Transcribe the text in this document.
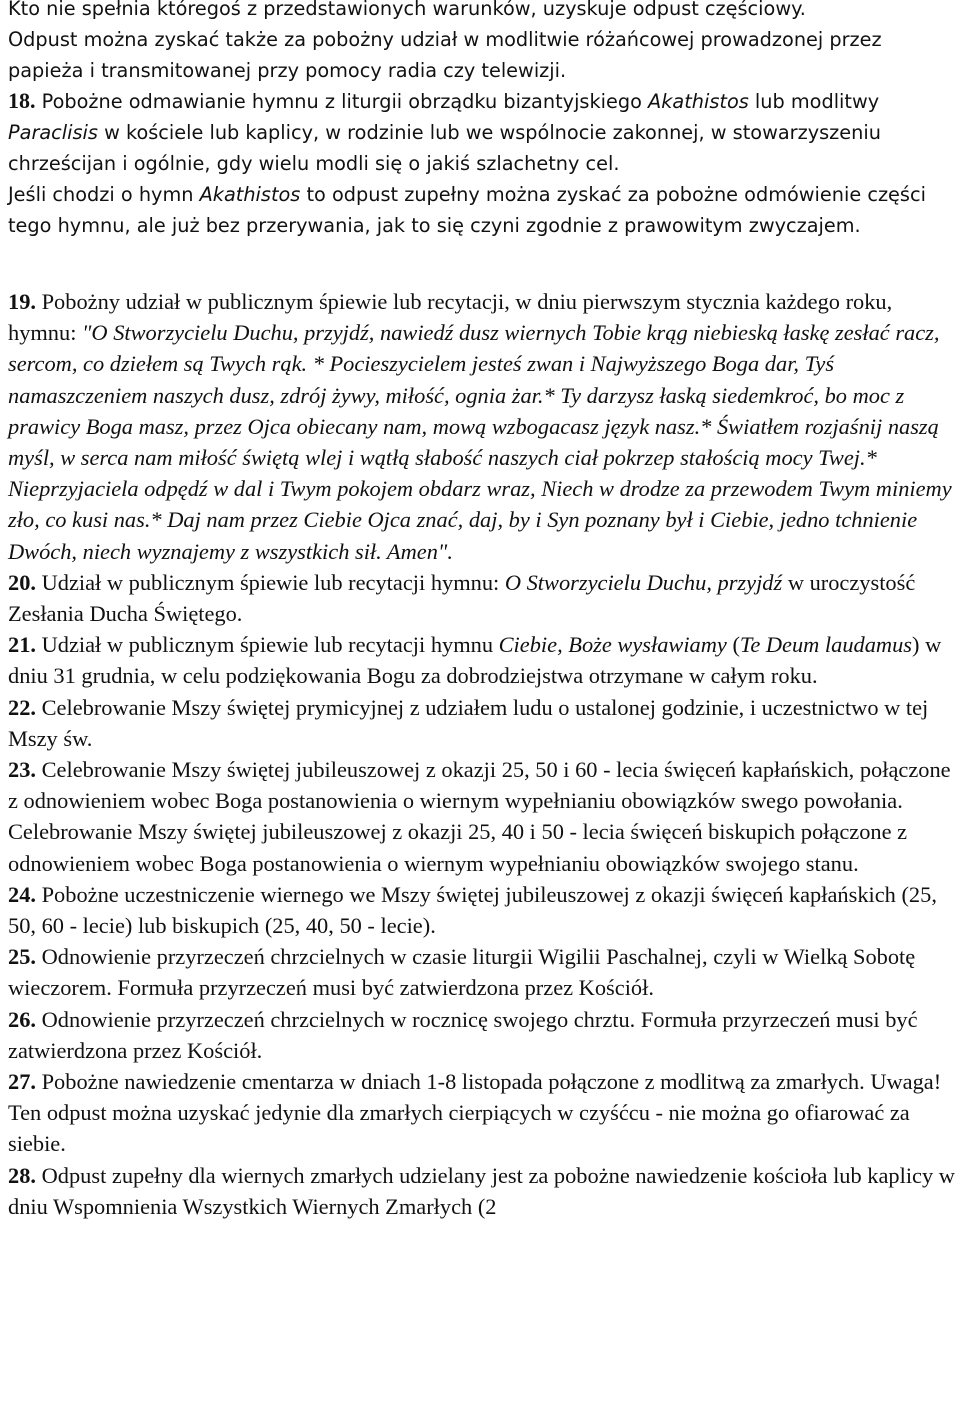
Kto nie spełnia któregoś z przedstawionych warunków, uzyskuje odpust częściowy.
Odpust można zyskać także za pobożny udział w modlitwie różańcowej prowadzonej przez papieża i transmitowanej przy pomocy radia czy telewizji.

18. Pobożne odmawianie hymnu z liturgii obrządku bizantyjskiego Akathistos lub modlitwy Paraclisis w kościele lub kaplicy, w rodzinie lub we wspólnocie zakonnej, w stowarzyszeniu chrześcijan i ogólnie, gdy wielu modli się o jakiś szlachetny cel.
Jeśli chodzi o hymn Akathistos to odpust zupełny można zyskać za pobożne odmówienie części tego hymnu, ale już bez przerywania, jak to się czyni zgodnie z prawowitym zwyczajem.

19. Pobożny udział w publicznym śpiewie lub recytacji, w dniu pierwszym stycznia każdego roku, hymnu: "O Stworzycielu Duchu, przyjdź, nawiedź dusz wiernych Tobie krąg niebieską łaskę zesłać racz, sercom, co dziełem są Twych rąk. * Pocieszycielem jesteś zwan i Najwyższego Boga dar, Tyś namaszczeniem naszych dusz, zdrój żywy, miłość, ognia żar.* Ty darzysz łaską siedemkroć, bo moc z prawicy Boga masz, przez Ojca obiecany nam, mową wzbogacasz język nasz.* Światłem rozjaśnij naszą myśl, w serca nam miłość świętą wlej i wątłą słabość naszych ciał pokrzep stałością mocy Twej.* Nieprzyjaciela odpędź w dal i Twym pokojem obdarz wraz, Niech w drodze za przewodem Twym miniemy zło, co kusi nas.* Daj nam przez Ciebie Ojca znać, daj, by i Syn poznany był i Ciebie, jedno tchnienie Dwóch, niech wyznajemy z wszystkich sił. Amen".

20. Udział w publicznym śpiewie lub recytacji hymnu: O Stworzycielu Duchu, przyjdź w uroczystość Zesłania Ducha Świętego.

21. Udział w publicznym śpiewie lub recytacji hymnu Ciebie, Boże wysławiamy (Te Deum laudamus) w dniu 31 grudnia, w celu podziękowania Bogu za dobrodziejstwa otrzymane w całym roku.

22. Celebrowanie Mszy świętej prymicyjnej z udziałem ludu o ustalonej godzinie, i uczestnictwo w tej Mszy św.

23. Celebrowanie Mszy świętej jubileuszowej z okazji 25, 50 i 60 - lecia święceń kapłańskich, połączone z odnowieniem wobec Boga postanowienia o wiernym wypełnianiu obowiązków swego powołania.
Celebrowanie Mszy świętej jubileuszowej z okazji 25, 40 i 50 - lecia święceń biskupich połączone z odnowieniem wobec Boga postanowienia o wiernym wypełnianiu obowiązków swojego stanu.

24. Pobożne uczestniczenie wiernego we Mszy świętej jubileuszowej z okazji święceń kapłańskich (25, 50, 60 - lecie) lub biskupich (25, 40, 50 - lecie).

25. Odnowienie przyrzeczeń chrzcielnych w czasie liturgii Wigilii Paschalnej, czyli w Wielką Sobotę wieczorem. Formuła przyrzeczeń musi być zatwierdzona przez Kościół.

26. Odnowienie przyrzeczeń chrzcielnych w rocznicę swojego chrztu. Formuła przyrzeczeń musi być zatwierdzona przez Kościół.

27. Pobożne nawiedzenie cmentarza w dniach 1-8 listopada połączone z modlitwą za zmarłych. Uwaga! Ten odpust można uzyskać jedynie dla zmarłych cierpiących w czyśćcu - nie można go ofiarować za siebie.

28. Odpust zupełny dla wiernych zmarłych udzielany jest za pobożne nawiedzenie kościoła lub kaplicy w dniu Wspomnienia Wszystkich Wiernych Zmarłych (2
